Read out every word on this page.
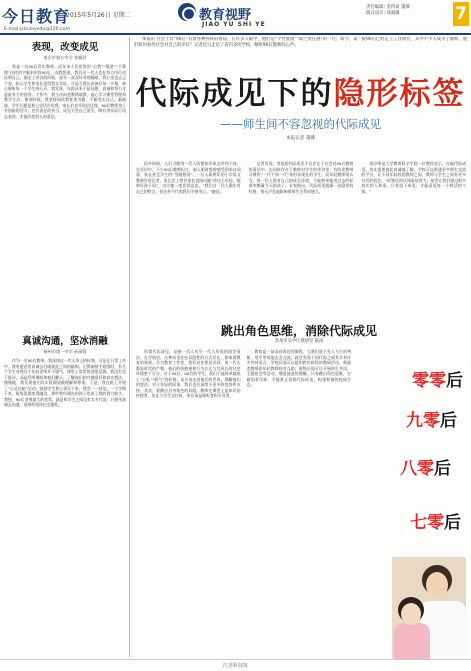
今日教育
2015年5月26日 星期二
E-mail:jstodayedu@126.com
教育视野
JIAO YU SHI YE
责任编辑: 金四欢 董娜
版式设计: 徐淑敏	7
表现，改变成见
南京市第五中学 张颖玲
我是一名90后青年教师。近年来人们常常用“自我”“叛逆”“不靠谱”这样的字眼来形容90后，而我想说，我们这一代人也在努力用行动证明自己。刚走上讲台的时候，面对一双双好奇的眼睛，我心里也忐忑不安，担心学生和家长觉得我太年轻。可是当我认真备好每一节课，耐心倾听每一个学生的心声，我发现，年龄从来不是问题，真诚和努力才是最有力的回答。工作中，我主动向老教师请教，虚心学习课堂管理和教学方法；课余时间，我坚持阅读教育类书籍，不断充实自己。渐渐地，学生们愿意把心里话告诉我，家长们也开始信任我。90后教师身上有创新的活力，也有责任的担当。成见不会自己消失，唯有用实际行动去表现，才能改变别人的看法。
真诚沟通，坚冰消融
扬州市第一中学 孙丽莉
作为一名90后教师，我深知这一代人身上的标签。可是在日常工作中，我更愿意用真诚去打破彼此之间的隔阂。记得刚接手班级时，有几个学生对我这个年轻老师并不服气，课堂上常常故意唱反调。我没有急于批评，而是利用课间和他们聊天，了解他们的兴趣爱好和真实想法。慢慢地，我发现他们其实很渴望被理解和尊重。于是，我在班上开展了“心灵信箱”活动，鼓励学生把心事写下来，我会一一回信。一个学期下来，班级氛围变得融洽，那些曾经调皮的孩子也成了我的得力助手。我想，90后老师最大的优势，就是和学生之间没有太多代沟，只要用真诚去沟通，再厚的坚冰也会融化。
本报讯 社会上对“90后”有着各种各样的看法，在许多人眼中，他们是“个性张扬”“缺乏责任感”的一代。如今，第一批90后已经走上工作岗位，其中不少人成为了教师。他们如何看待社会对自己的评价？记者近日走访了省内多所学校，倾听90后教师的心声。
代际成见下的隐形标签
——师生间不容忽视的代际成见
本报记者 董娜
很多时候，人们习惯用一代人的整体印象去评判个体。在采访中，不少90后教师坦言，刚入职时都曾感受到来自同事、家长甚至学生的“另眼相看”。一位入职两年的小学语文教师告诉记者，家长会上曾有家长直接问她“你这么年轻，能带好孩子吗”，这让她一度非常沮丧。“我们这一代人确实有自己的特点，但这并不代表我们不够用心。”她说。
记者发现，类似的代际成见不仅存在于社会对90后教师的看法中，也同样存在于教师对学生的评价里。有的老教师习惯用“一代不如一代”来形容现在的学生，而年轻教师则认为，每一代人都有自己的成长环境，不能简单地用过去的标准来衡量今天的孩子。专家指出，代际成见就像一张隐形的标签，悄无声息地影响着师生关系的建立。
南京师范大学教育科学学院一位教授表示，打破代际成见，首先需要彼此真诚地了解。学校可以搭建更多师生交流的平台，让不同年龄段的教师之间、教师与学生之间有更多对话的机会。“标签化的认知看似省力，却会让我们错过很多真实的人和事。只有放下成见，才能看见每一个鲜活的个体。”
跳出角色思维，消除代际成见
苏州市吴中区教研室 陆岚
所谓代际成见，是指一代人对另一代人形成的固定看法。在学校里，这种成见往往以隐性的方式存在，影响着教育的效果。作为教育工作者，我们首先要意识到，每一代人都是时代的产物，他们的价值观和行为方式与其成长的社会环境密不可分。对于90后、00后的学生，我们不能简单地贴上“自私”“娇气”的标签，而应该走进他们的世界，理解他们的想法。对于年轻的同事，我们也应该给予更多的包容和支持。其次，要跳出自身角色的局限。教师在课堂上是知识的传授者，但在与学生交往时，更应该是倾听者和引导者。
教育是一场双向奔赴的旅程。当我们放下先入为主的判断，用平等的姿态去交流，就会发现不同代际之间其实有许多共同语言。学校层面可以组织跨年龄段的教研活动，鼓励老教师和年轻教师结对互助；班级层面可以开展师生共读、主题班会等活动，增进彼此的理解。只有跳出角色思维，打破固有印象，才能真正消除代际成见，构建和谐的校园生态。	零零后
九零后
八零后
七零后
江苏科技报
